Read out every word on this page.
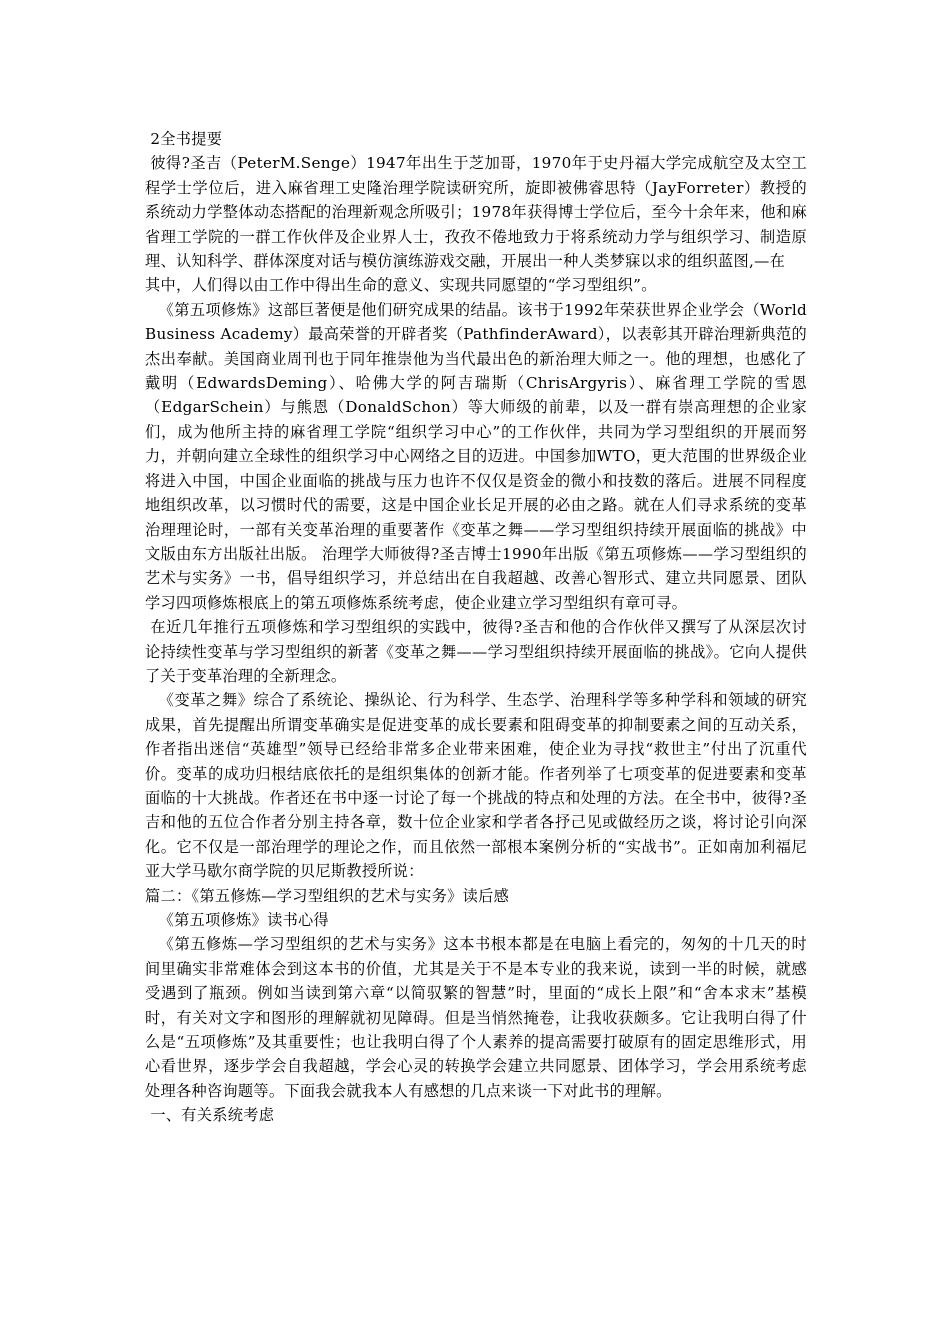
2全书提要

彼得?圣吉（PeterM.Senge）1947年出生于芝加哥，1970年于史丹福大学完成航空及太空工程学士学位后，进入麻省理工史隆治理学院读研究所，旋即被佛睿思特（JayForreter）教授的系统动力学整体动态搭配的治理新观念所吸引；1978年获得博士学位后，至今十余年来，他和麻省理工学院的一群工作伙伴及企业界人士，孜孜不倦地致力于将系统动力学与组织学习、制造原理、认知科学、群体深度对话与模仿演练游戏交融，开展出一种人类梦寐以求的组织蓝图,—在

其中，人们得以由工作中得出生命的意义、实现共同愿望的“学习型组织”。

《第五项修炼》这部巨著便是他们研究成果的结晶。该书于1992年荣获世界企业学会（World Business Academy）最高荣誉的开辟者奖（PathfinderAward），以表彰其开辟治理新典范的杰出奉献。美国商业周刊也于同年推崇他为当代最出色的新治理大师之一。他的理想，也感化了戴明（EdwardsDeming）、哈佛大学的阿吉瑞斯（ChrisArgyris）、麻省理工学院的雪恩（EdgarSchein）与熊恩（DonaldSchon）等大师级的前辈，以及一群有崇高理想的企业家们，成为他所主持的麻省理工学院“组织学习中心”的工作伙伴，共同为学习型组织的开展而努力，并朝向建立全球性的组织学习中心网络之目的迈进。中国参加WTO，更大范围的世界级企业将进入中国，中国企业面临的挑战与压力也许不仅仅是资金的微小和技数的落后。进展不同程度地组织改革，以习惯时代的需要，这是中国企业长足开展的必由之路。就在人们寻求系统的变革治理理论时，一部有关变革治理的重要著作《变革之舞——学习型组织持续开展面临的挑战》中文版由东方出版社出版。 治理学大师彼得?圣吉博士1990年出版《第五项修炼——学习型组织的艺术与实务》一书，倡导组织学习，并总结出在自我超越、改善心智形式、建立共同愿景、团队学习四项修炼根底上的第五项修炼系统考虑，使企业建立学习型组织有章可寻。

在近几年推行五项修炼和学习型组织的实践中，彼得?圣吉和他的合作伙伴又撰写了从深层次讨论持续性变革与学习型组织的新著《变革之舞——学习型组织持续开展面临的挑战》。它向人提供了关于变革治理的全新理念。

《变革之舞》综合了系统论、操纵论、行为科学、生态学、治理科学等多种学科和领域的研究成果，首先提醒出所谓变革确实是促进变革的成长要素和阻碍变革的抑制要素之间的互动关系，作者指出迷信“英雄型”领导已经给非常多企业带来困难，使企业为寻找“救世主”付出了沉重代价。变革的成功归根结底依托的是组织集体的创新才能。作者列举了七项变革的促进要素和变革面临的十大挑战。作者还在书中逐一讨论了每一个挑战的特点和处理的方法。在全书中，彼得?圣吉和他的五位合作者分别主持各章，数十位企业家和学者各抒己见或做经历之谈，将讨论引向深化。它不仅是一部治理学的理论之作，而且依然一部根本案例分析的“实战书”。正如南加利福尼亚大学马歇尔商学院的贝尼斯教授所说：

篇二：《第五修炼—学习型组织的艺术与实务》读后感

《第五项修炼》读书心得

《第五修炼—学习型组织的艺术与实务》这本书根本都是在电脑上看完的，匆匆的十几天的时间里确实非常难体会到这本书的价值，尤其是关于不是本专业的我来说，读到一半的时候，就感受遇到了瓶颈。例如当读到第六章“以简驭繁的智慧”时，里面的“成长上限”和“舍本求末”基模时，有关对文字和图形的理解就初见障碍。但是当悄然掩卷，让我收获颇多。它让我明白得了什么是“五项修炼”及其重要性；也让我明白得了个人素养的提高需要打破原有的固定思维形式，用心看世界，逐步学会自我超越，学会心灵的转换学会建立共同愿景、团体学习，学会用系统考虑处理各种咨询题等。下面我会就我本人有感想的几点来谈一下对此书的理解。

一、有关系统考虑
